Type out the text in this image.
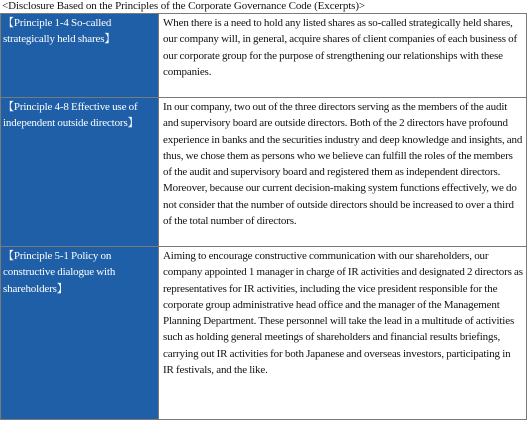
<Disclosure Based on the Principles of the Corporate Governance Code (Excerpts)>
【Principle 1-4 So-called strategically held shares】	When there is a need to hold any listed shares as so-called strategically held shares, our company will, in general, acquire shares of client companies of each business of our corporate group for the purpose of strengthening our relationships with these companies.
【Principle 4-8 Effective use of independent outside directors】	In our company, two out of the three directors serving as the members of the audit and supervisory board are outside directors. Both of the 2 directors have profound experience in banks and the securities industry and deep knowledge and insights, and thus, we chose them as persons who we believe can fulfill the roles of the members of the audit and supervisory board and registered them as independent directors. Moreover, because our current decision-making system functions effectively, we do not consider that the number of outside directors should be increased to over a third of the total number of directors.
【Principle 5-1 Policy on constructive dialogue with shareholders】	Aiming to encourage constructive communication with our shareholders, our company appointed 1 manager in charge of IR activities and designated 2 directors as representatives for IR activities, including the vice president responsible for the corporate group administrative head office and the manager of the Management Planning Department. These personnel will take the lead in a multitude of activities such as holding general meetings of shareholders and financial results briefings, carrying out IR activities for both Japanese and overseas investors, participating in IR festivals, and the like.
